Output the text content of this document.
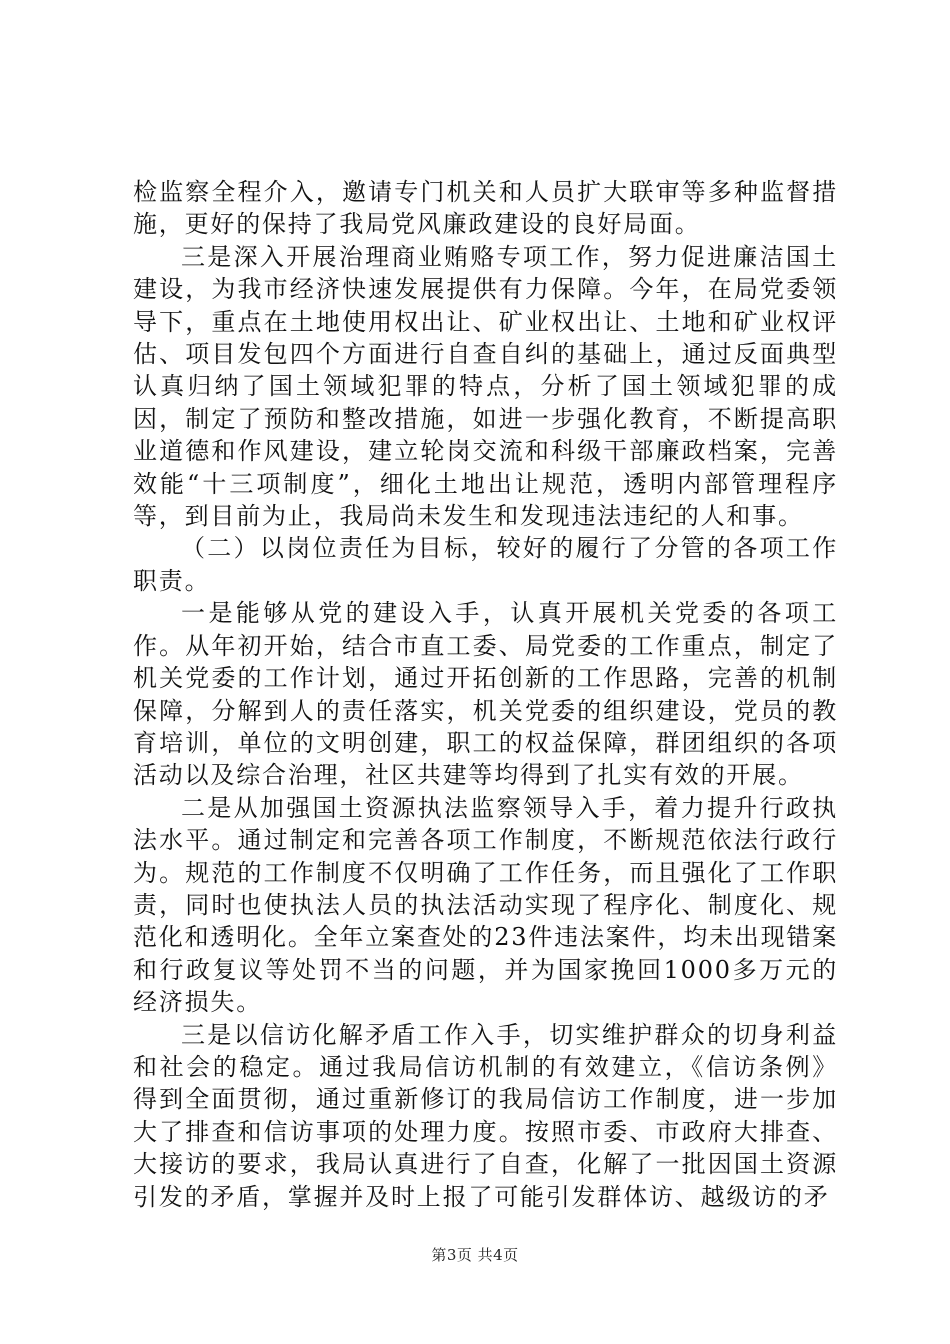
检监察全程介入，邀请专门机关和人员扩大联审等多种监督措施，更好的保持了我局党风廉政建设的良好局面。

三是深入开展治理商业贿赂专项工作，努力促进廉洁国土建设，为我市经济快速发展提供有力保障。今年，在局党委领导下，重点在土地使用权出让、矿业权出让、土地和矿业权评估、项目发包四个方面进行自查自纠的基础上，通过反面典型认真归纳了国土领域犯罪的特点，分析了国土领域犯罪的成因，制定了预防和整改措施，如进一步强化教育，不断提高职业道德和作风建设，建立轮岗交流和科级干部廉政档案，完善效能“十三项制度”，细化土地出让规范，透明内部管理程序等，到目前为止，我局尚未发生和发现违法违纪的人和事。

（二）以岗位责任为目标，较好的履行了分管的各项工作职责。

一是能够从党的建设入手，认真开展机关党委的各项工作。从年初开始，结合市直工委、局党委的工作重点，制定了机关党委的工作计划，通过开拓创新的工作思路，完善的机制保障，分解到人的责任落实，机关党委的组织建设，党员的教育培训，单位的文明创建，职工的权益保障，群团组织的各项活动以及综合治理，社区共建等均得到了扎实有效的开展。

二是从加强国土资源执法监察领导入手，着力提升行政执法水平。通过制定和完善各项工作制度，不断规范依法行政行为。规范的工作制度不仅明确了工作任务，而且强化了工作职责，同时也使执法人员的执法活动实现了程序化、制度化、规范化和透明化。全年立案查处的23件违法案件，均未出现错案和行政复议等处罚不当的问题，并为国家挽回1000多万元的经济损失。

三是以信访化解矛盾工作入手，切实维护群众的切身利益和社会的稳定。通过我局信访机制的有效建立，《信访条例》得到全面贯彻，通过重新修订的我局信访工作制度，进一步加大了排查和信访事项的处理力度。按照市委、市政府大排查、大接访的要求，我局认真进行了自查，化解了一批因国土资源引发的矛盾，掌握并及时上报了可能引发群体访、越级访的矛

第3页 共4页
